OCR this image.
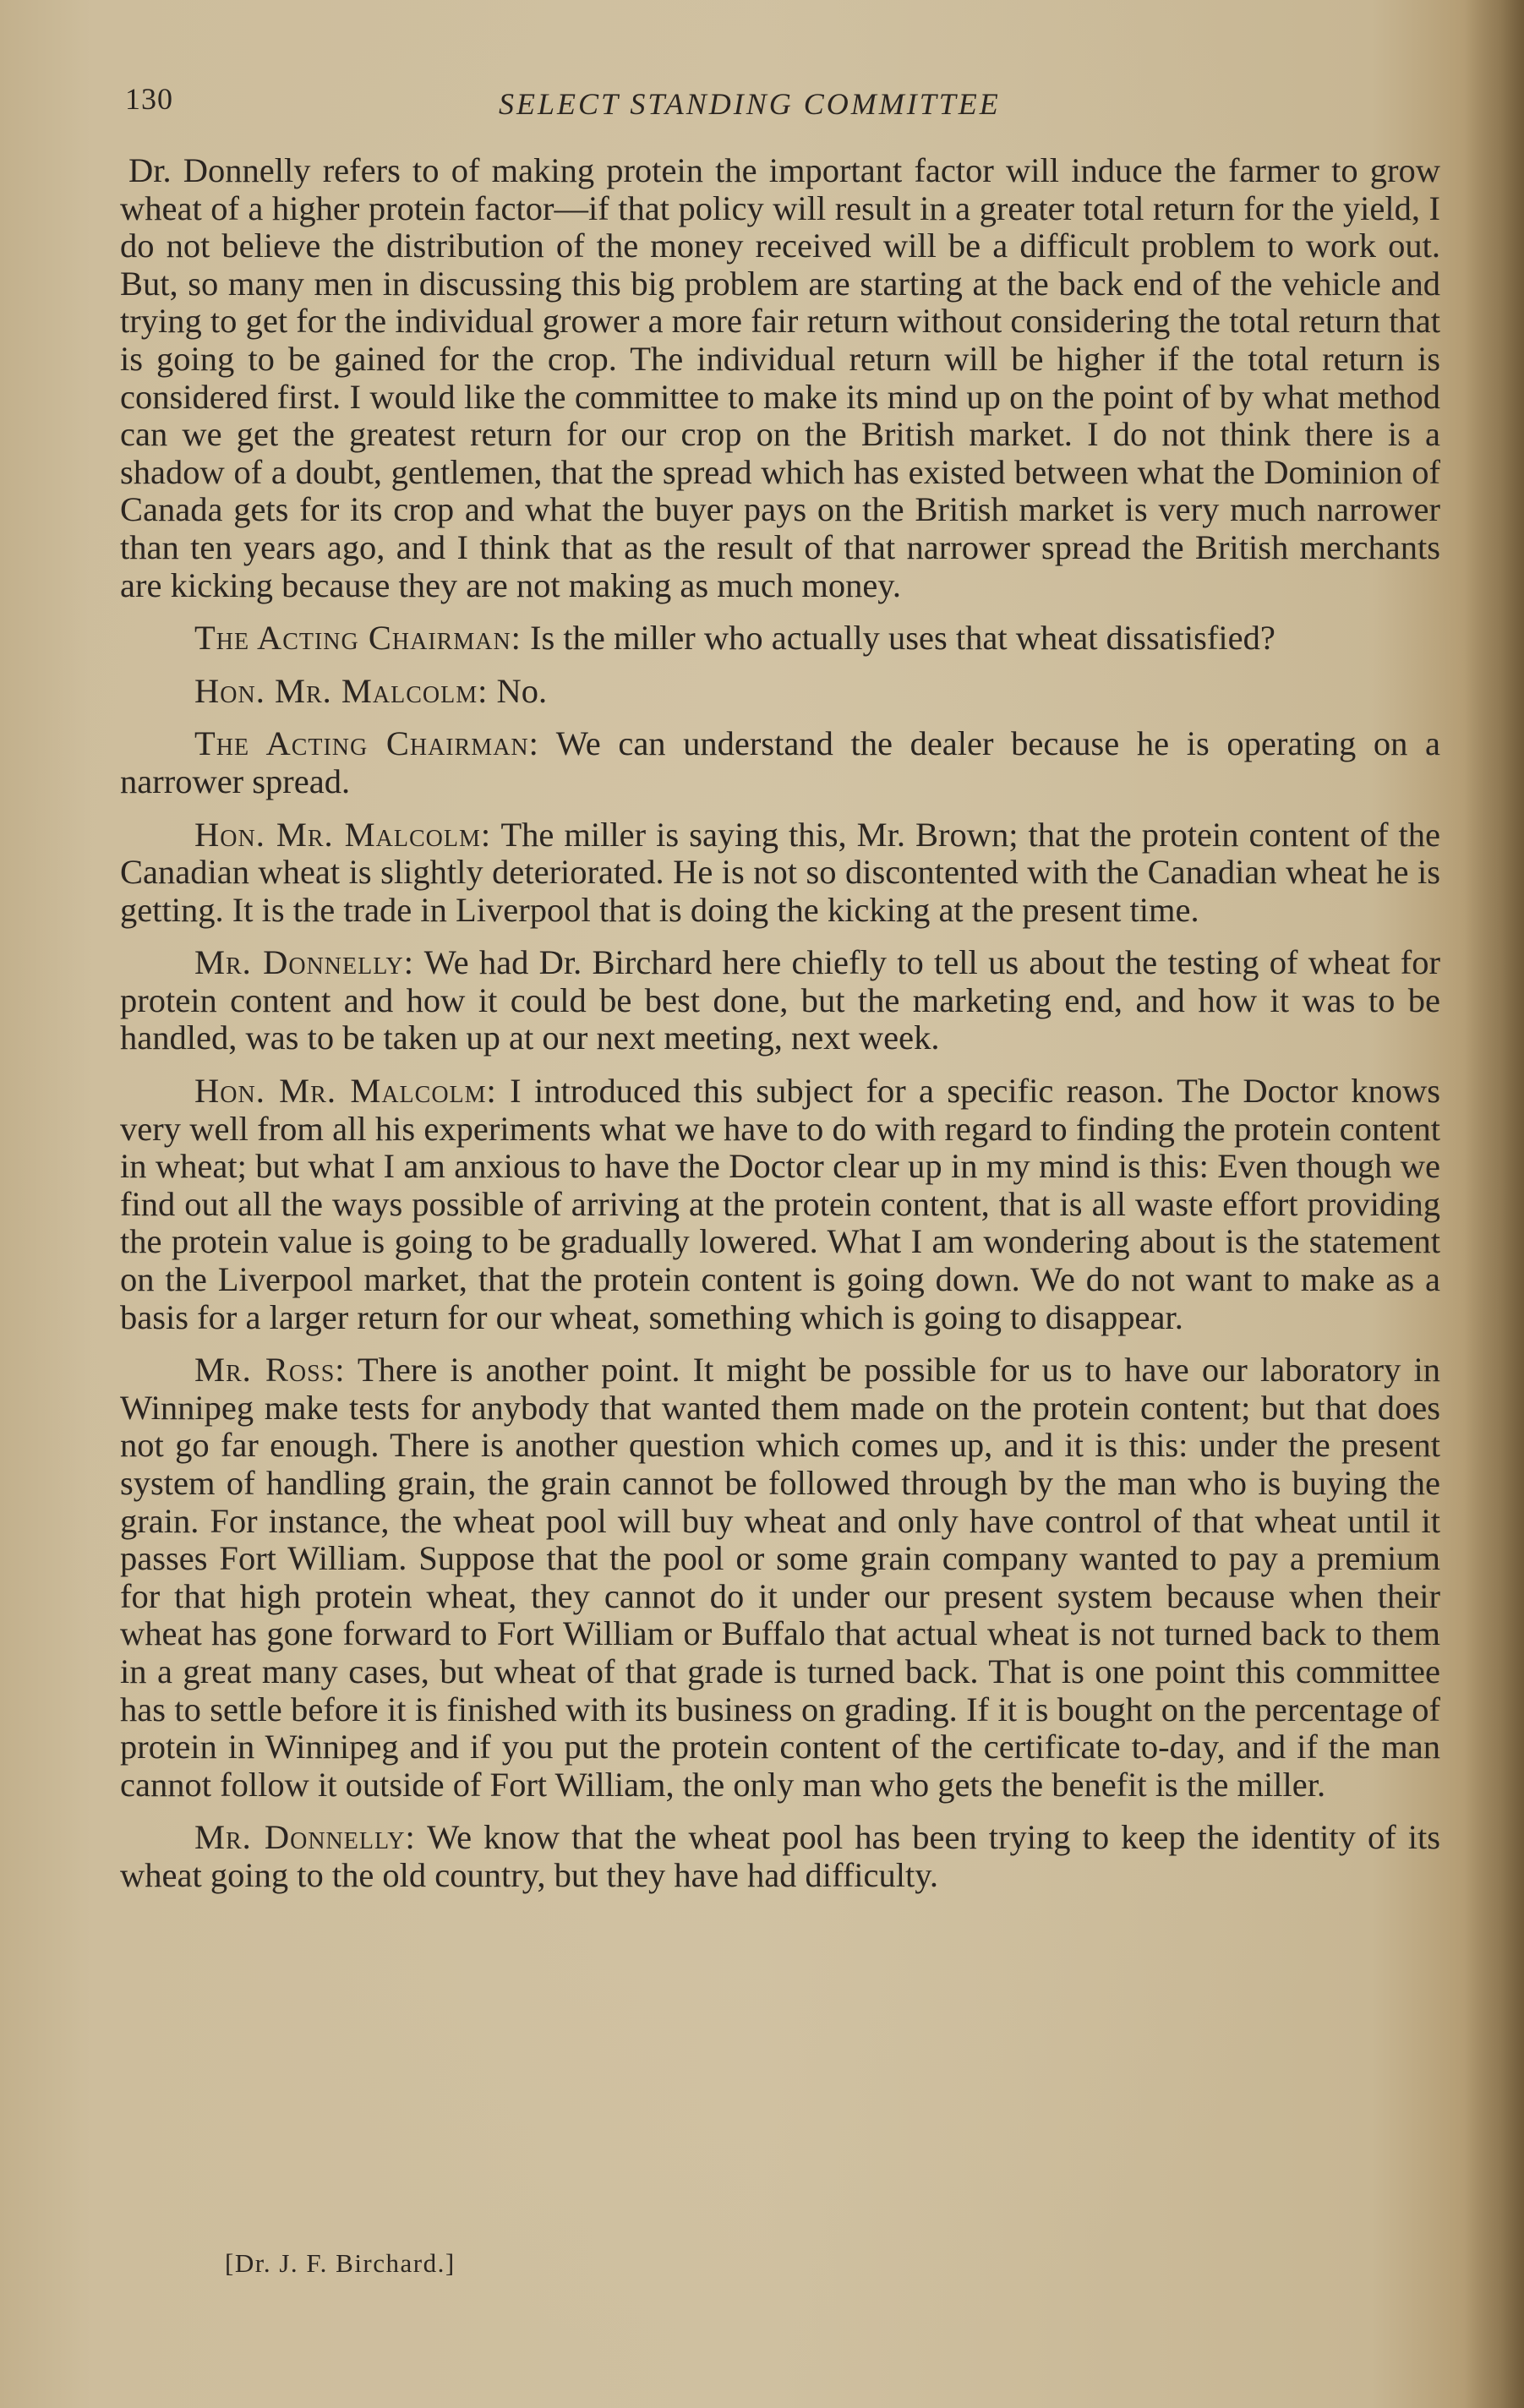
130	SELECT STANDING COMMITTEE

Dr. Donnelly refers to of making protein the important factor will induce the farmer to grow wheat of a higher protein factor—if that policy will result in a greater total return for the yield, I do not believe the distribution of the money received will be a difficult problem to work out. But, so many men in discussing this big problem are starting at the back end of the vehicle and trying to get for the individual grower a more fair return without considering the total return that is going to be gained for the crop. The individual return will be higher if the total return is considered first. I would like the committee to make its mind up on the point of by what method can we get the greatest return for our crop on the British market. I do not think there is a shadow of a doubt, gentlemen, that the spread which has existed between what the Dominion of Canada gets for its crop and what the buyer pays on the British market is very much narrower than ten years ago, and I think that as the result of that narrower spread the British merchants are kicking because they are not making as much money.

The Acting Chairman: Is the miller who actually uses that wheat dissatisfied?

Hon. Mr. Malcolm: No.

The Acting Chairman: We can understand the dealer because he is operating on a narrower spread.

Hon. Mr. Malcolm: The miller is saying this, Mr. Brown; that the protein content of the Canadian wheat is slightly deteriorated. He is not so discontented with the Canadian wheat he is getting. It is the trade in Liverpool that is doing the kicking at the present time.

Mr. Donnelly: We had Dr. Birchard here chiefly to tell us about the testing of wheat for protein content and how it could be best done, but the marketing end, and how it was to be handled, was to be taken up at our next meeting, next week.

Hon. Mr. Malcolm: I introduced this subject for a specific reason. The Doctor knows very well from all his experiments what we have to do with regard to finding the protein content in wheat; but what I am anxious to have the Doctor clear up in my mind is this: Even though we find out all the ways possible of arriving at the protein content, that is all waste effort providing the protein value is going to be gradually lowered. What I am wondering about is the statement on the Liverpool market, that the protein content is going down. We do not want to make as a basis for a larger return for our wheat, something which is going to disappear.

Mr. Ross: There is another point. It might be possible for us to have our laboratory in Winnipeg make tests for anybody that wanted them made on the protein content; but that does not go far enough. There is another question which comes up, and it is this: under the present system of handling grain, the grain cannot be followed through by the man who is buying the grain. For instance, the wheat pool will buy wheat and only have control of that wheat until it passes Fort William. Suppose that the pool or some grain company wanted to pay a premium for that high protein wheat, they cannot do it under our present system because when their wheat has gone forward to Fort William or Buffalo that actual wheat is not turned back to them in a great many cases, but wheat of that grade is turned back. That is one point this committee has to settle before it is finished with its business on grading. If it is bought on the percentage of protein in Winnipeg and if you put the protein content of the certificate to-day, and if the man cannot follow it outside of Fort William, the only man who gets the benefit is the miller.

Mr. Donnelly: We know that the wheat pool has been trying to keep the identity of its wheat going to the old country, but they have had difficulty.

[Dr. J. F. Birchard.]
